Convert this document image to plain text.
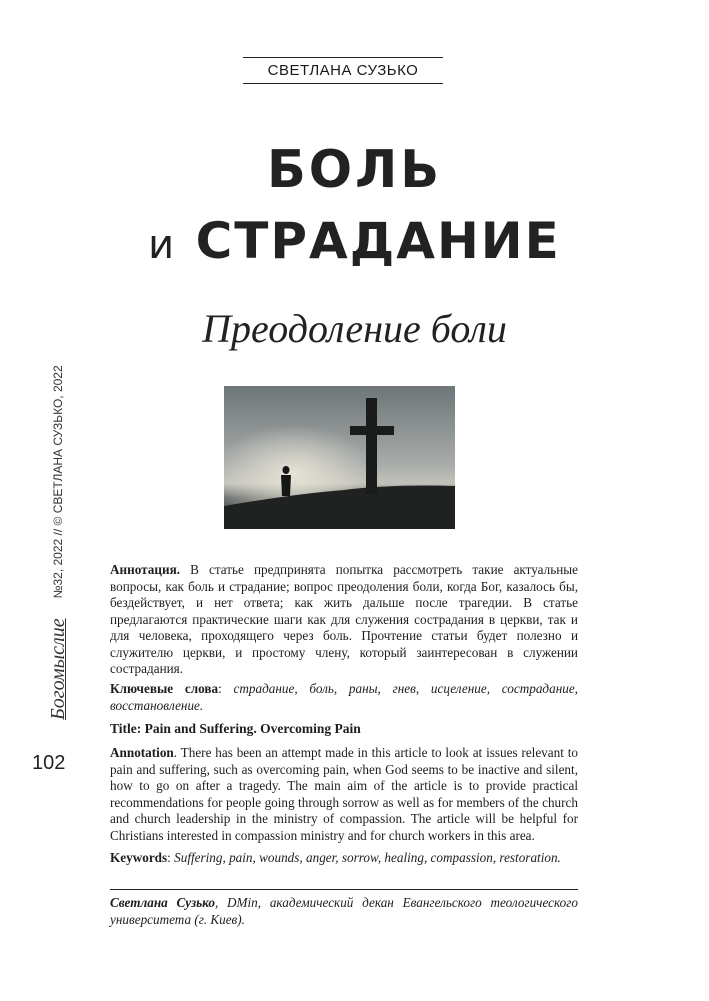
СВЕТЛАНА СУЗЬКО
БОЛЬ
и СТРАДАНИЕ
Преодоление боли
Богомыслие
№32, 2022 // © СВЕТЛАНА СУЗЬКО, 2022
102
Аннотация. В статье предпринята попытка рассмотреть такие актуальные вопросы, как боль и страдание; вопрос преодоления боли, когда Бог, казалось бы, бездействует, и нет ответа; как жить дальше после трагедии. В статье предлагаются практические шаги как для служения сострадания в церкви, так и для человека, проходящего через боль. Прочтение статьи будет полезно и служителю церкви, и простому члену, который заинтересован в служении сострадания.
Ключевые слова: страдание, боль, раны, гнев, исцеление, сострадание, восстановление.
Title: Pain and Suffering. Overcoming Pain
Annotation. There has been an attempt made in this article to look at issues relevant to pain and suffering, such as overcoming pain, when God seems to be inactive and silent, how to go on after a tragedy. The main aim of the article is to provide practical recommendations for people going through sorrow as well as for members of the church and church leadership in the ministry of compassion. The article will be helpful for Christians interested in compassion ministry and for church workers in this area.
Keywords: Suffering, pain, wounds, anger, sorrow, healing, compassion, restoration.
Светлана Сузько, DMin, академический декан Евангельского теологического университета (г. Киев).
